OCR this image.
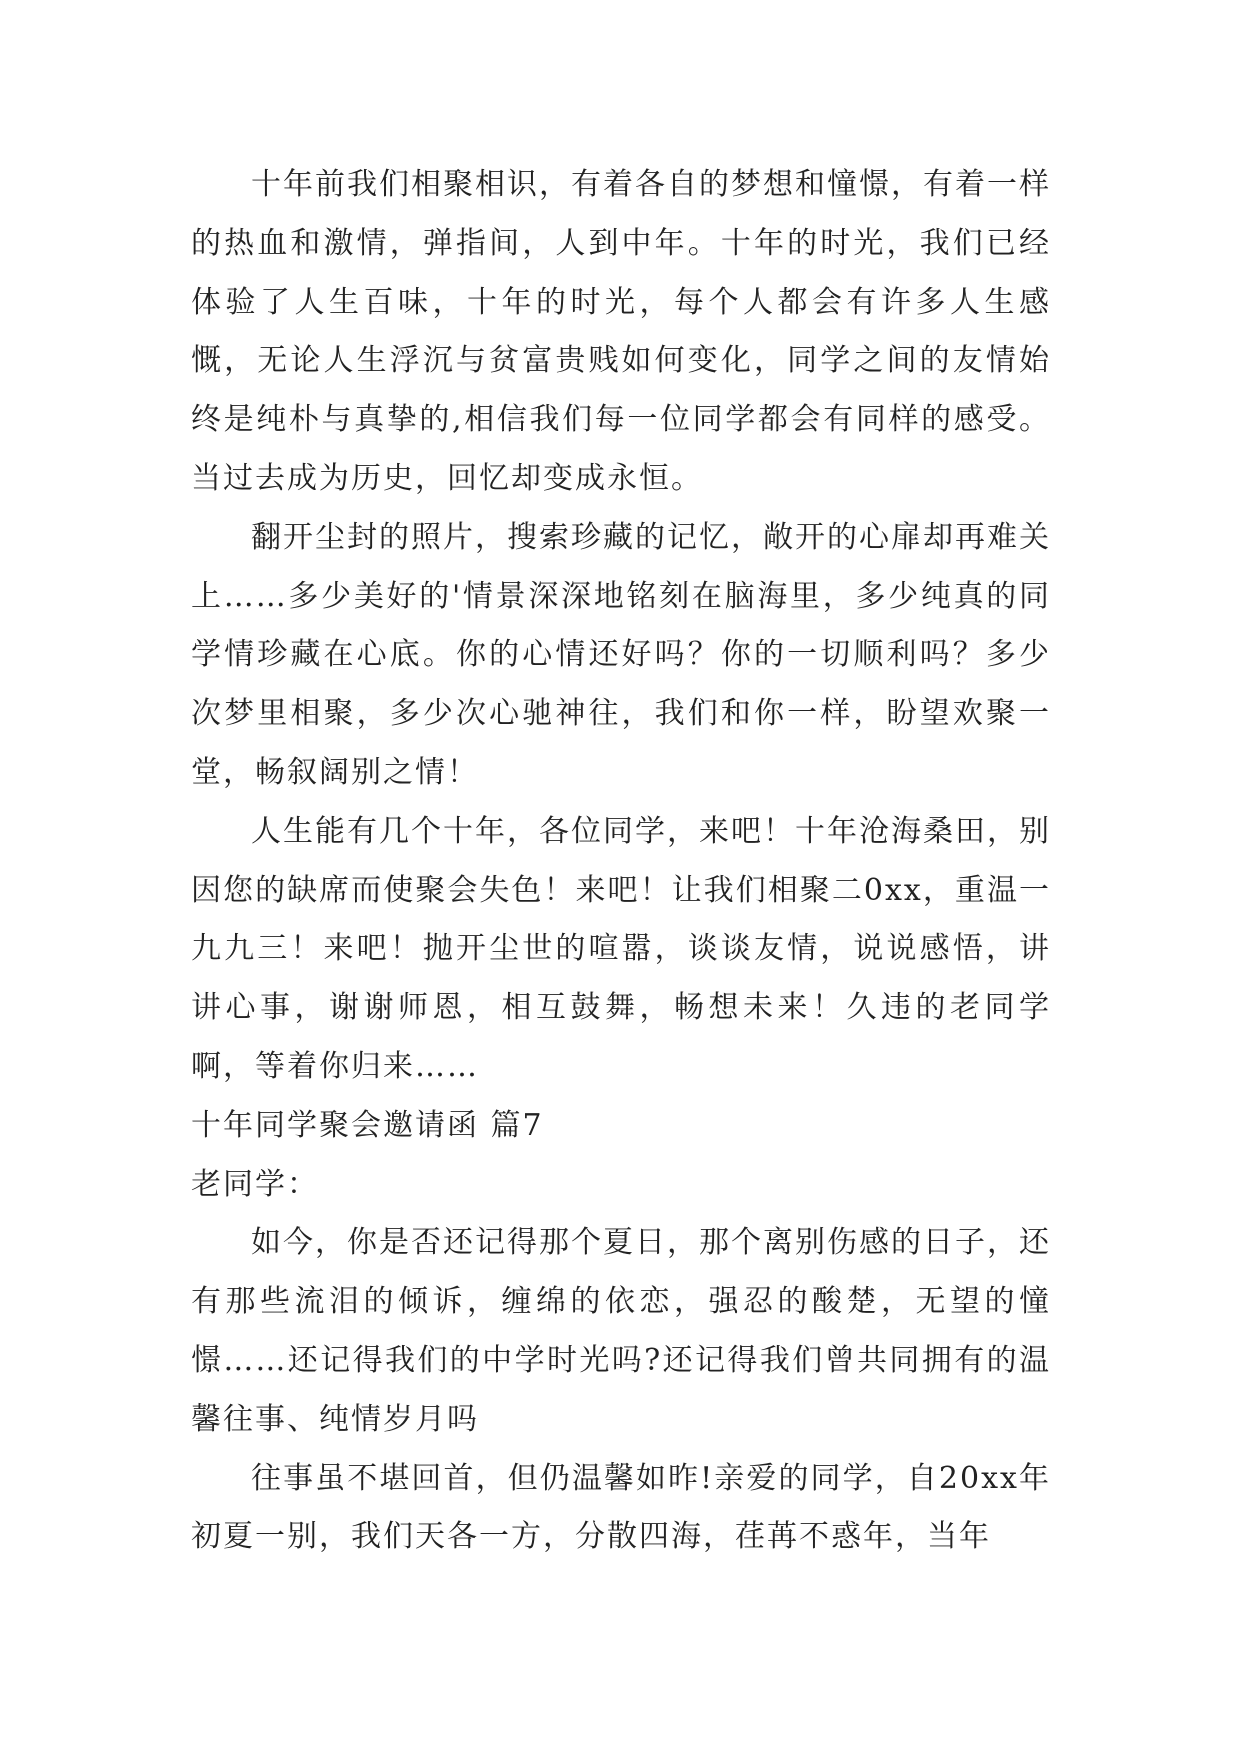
十年前我们相聚相识，有着各自的梦想和憧憬，有着一样的热血和激情，弹指间，人到中年。十年的时光，我们已经体验了人生百味，十年的时光，每个人都会有许多人生感慨，无论人生浮沉与贫富贵贱如何变化，同学之间的友情始终是纯朴与真挚的,相信我们每一位同学都会有同样的感受。当过去成为历史，回忆却变成永恒。

翻开尘封的照片，搜索珍藏的记忆，敞开的心扉却再难关上……多少美好的'情景深深地铭刻在脑海里，多少纯真的同学情珍藏在心底。你的心情还好吗？你的一切顺利吗？多少次梦里相聚，多少次心驰神往，我们和你一样，盼望欢聚一堂，畅叙阔别之情！

人生能有几个十年，各位同学，来吧！十年沧海桑田，别因您的缺席而使聚会失色！来吧！让我们相聚二0xx，重温一九九三！来吧！抛开尘世的喧嚣，谈谈友情，说说感悟，讲讲心事，谢谢师恩，相互鼓舞，畅想未来！久违的老同学啊，等着你归来……

十年同学聚会邀请函 篇7

老同学：

如今，你是否还记得那个夏日，那个离别伤感的日子，还有那些流泪的倾诉，缠绵的依恋，强忍的酸楚，无望的憧憬……还记得我们的中学时光吗?还记得我们曾共同拥有的温馨往事、纯情岁月吗

往事虽不堪回首，但仍温馨如昨!亲爱的同学，自20xx年初夏一别，我们天各一方，分散四海，荏苒不惑年，当年
